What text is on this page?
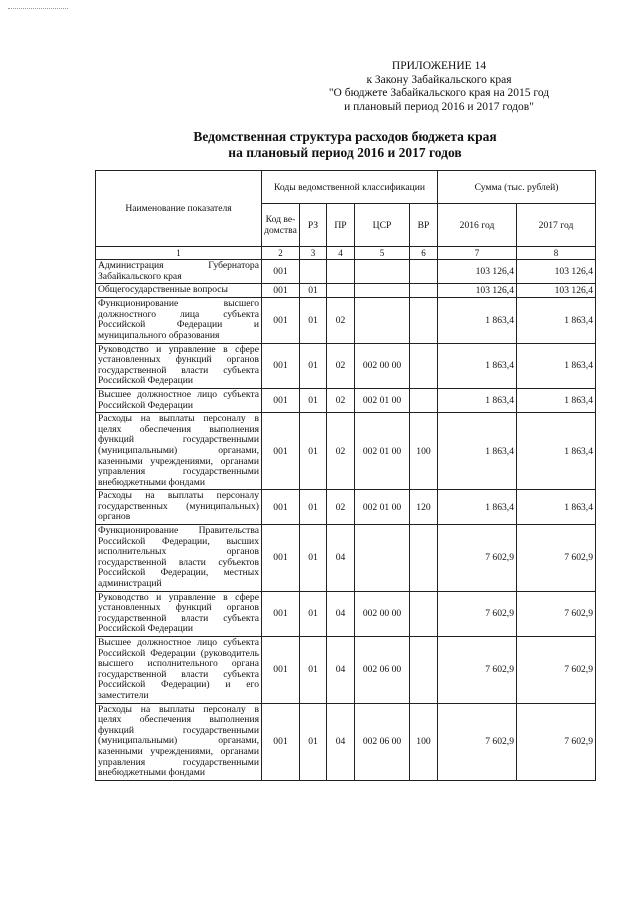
ПРИЛОЖЕНИЕ 14
к Закону Забайкальского края
"О бюджете Забайкальского края на 2015 год
и плановый период 2016 и 2017 годов"
Ведомственная структура расходов бюджета края
на плановый период 2016 и 2017 годов
Наименование показателя	Коды ведомственной классификации					Сумма (тыс. рублей)	
	Код ве-домства	РЗ	ПР	ЦСР	ВР	2016 год	2017 год
1	2	3	4	5	6	7	8
Администрация Губернатора Забайкальского края	001					103 126,4	103 126,4
Общегосударственные вопросы	001	01				103 126,4	103 126,4
Функционирование высшего должностного лица субъекта Российской Федерации и муниципального образования	001	01	02			1 863,4	1 863,4
Руководство и управление в сфере установленных функций органов государственной власти субъекта Российской Федерации	001	01	02	002 00 00		1 863,4	1 863,4
Высшее должностное лицо субъекта Российской Федерации	001	01	02	002 01 00		1 863,4	1 863,4
Расходы на выплаты персоналу в целях обеспечения выполнения функций государственными (муниципальными) органами, казенными учреждениями, органами управления государственными внебюджетными фондами	001	01	02	002 01 00	100	1 863,4	1 863,4
Расходы на выплаты персоналу государственных (муниципальных) органов	001	01	02	002 01 00	120	1 863,4	1 863,4
Функционирование Правительства Российской Федерации, высших исполнительных органов государственной власти субъектов Российской Федерации, местных администраций	001	01	04			7 602,9	7 602,9
Руководство и управление в сфере установленных функций органов государственной власти субъекта Российской Федерации	001	01	04	002 00 00		7 602,9	7 602,9
Высшее должностное лицо субъекта Российской Федерации (руководитель высшего исполнительного органа государственной власти субъекта Российской Федерации) и его заместители	001	01	04	002 06 00		7 602,9	7 602,9
Расходы на выплаты персоналу в целях обеспечения выполнения функций государственными (муниципальными) органами, казенными учреждениями, органами управления государственными внебюджетными фондами	001	01	04	002 06 00	100	7 602,9	7 602,9
